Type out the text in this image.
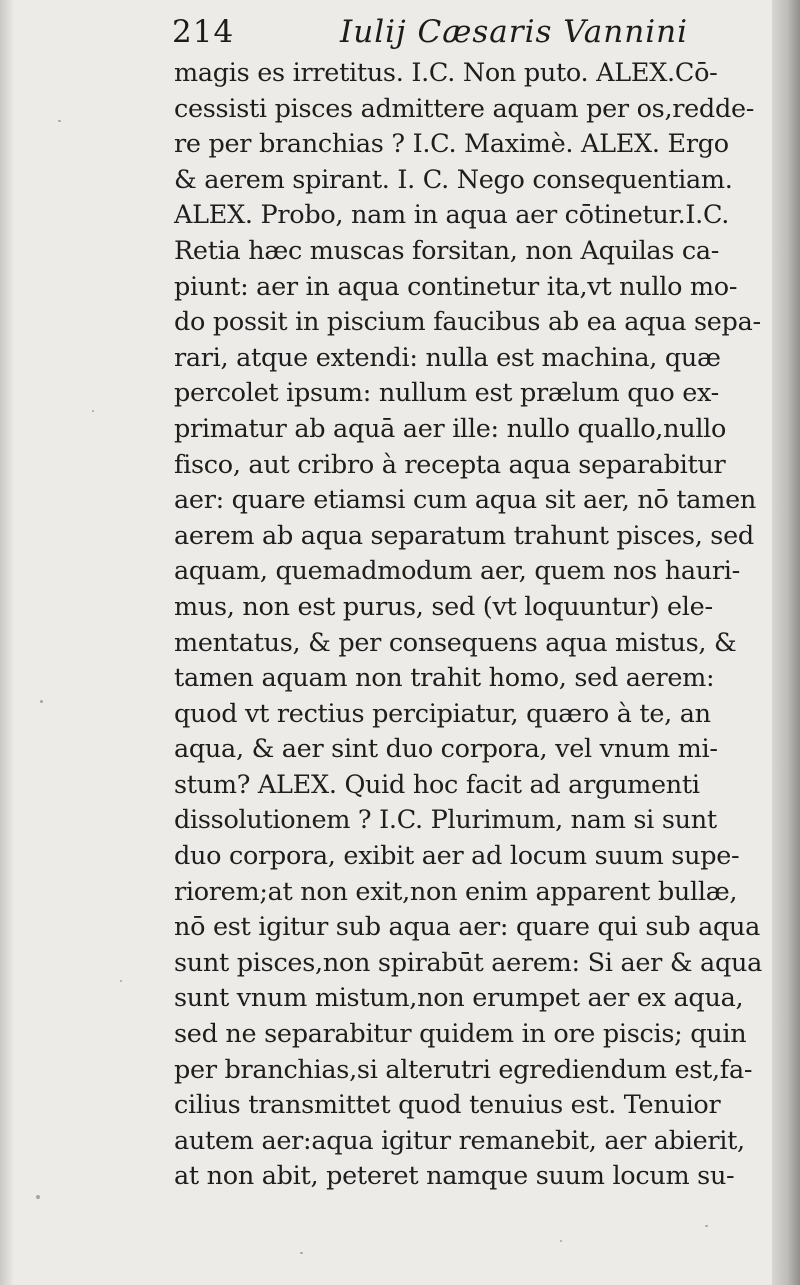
214	Iulij Cæsaris Vannini
magis es irretitus. I.C. Non puto. ALEX.Cō-
cessisti pisces admittere aquam per os,redde-
re per branchias ? I.C. Maximè. ALEX. Ergo
& aerem spirant. I. C. Nego consequentiam.
ALEX. Probo, nam in aqua aer cōtinetur.I.C.
Retia hæc muscas forsitan, non Aquilas ca-
piunt: aer in aqua continetur ita,vt nullo mo-
do possit in piscium faucibus ab ea aqua sepa-
rari, atque extendi: nulla est machina, quæ
percolet ipsum: nullum est prælum quo ex-
primatur ab aquā aer ille: nullo quallo,nullo
fisco, aut cribro à recepta aqua separabitur
aer: quare etiamsi cum aqua sit aer, nō tamen
aerem ab aqua separatum trahunt pisces, sed
aquam, quemadmodum aer, quem nos hauri-
mus, non est purus, sed (vt loquuntur) ele-
mentatus, & per consequens aqua mistus, &
tamen aquam non trahit homo, sed aerem:
quod vt rectius percipiatur, quæro à te, an
aqua, & aer sint duo corpora, vel vnum mi-
stum? ALEX. Quid hoc facit ad argumenti
dissolutionem ? I.C. Plurimum, nam si sunt
duo corpora, exibit aer ad locum suum supe-
riorem;at non exit,non enim apparent bullæ,
nō est igitur sub aqua aer: quare qui sub aqua
sunt pisces,non spirabūt aerem: Si aer & aqua
sunt vnum mistum,non erumpet aer ex aqua,
sed ne separabitur quidem in ore piscis; quin
per branchias,si alterutri egrediendum est,fa-
cilius transmittet quod tenuius est. Tenuior
autem aer:aqua igitur remanebit, aer abierit,
at non abit, peteret namque suum locum su-
